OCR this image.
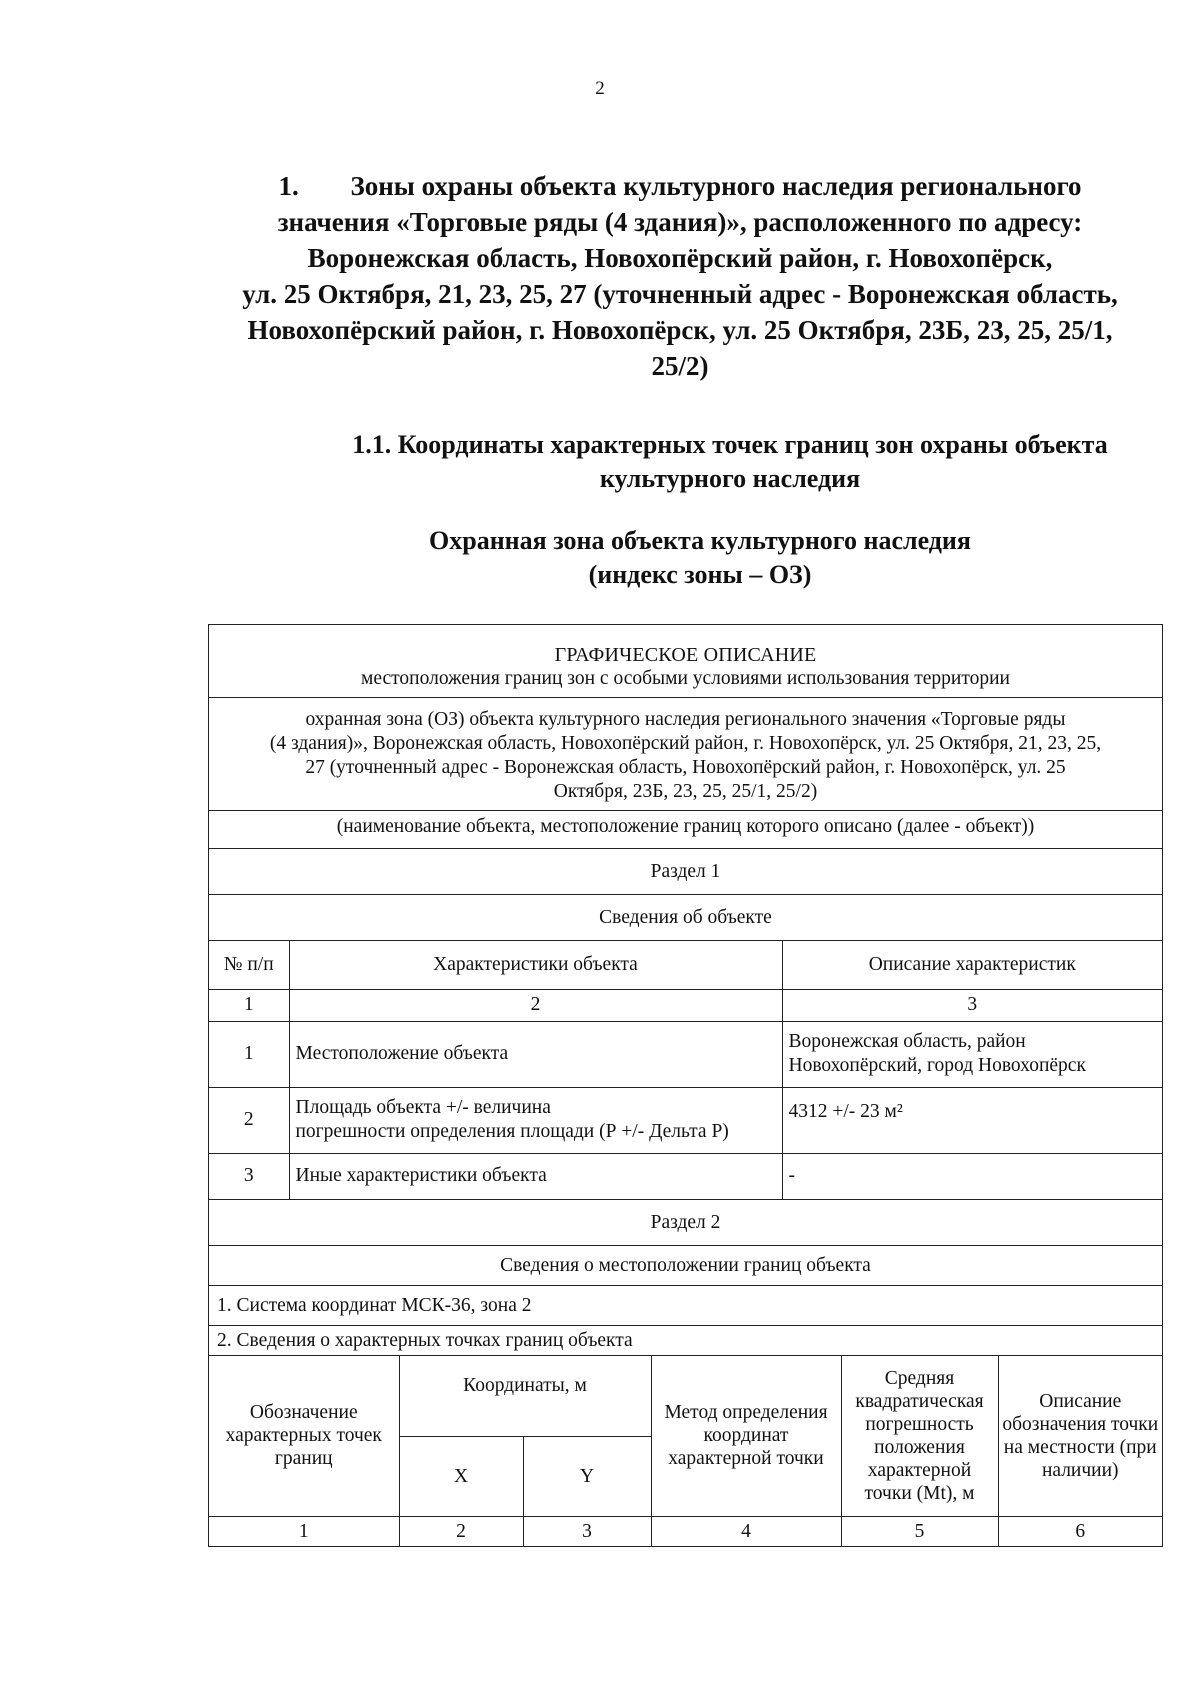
2
1. Зоны охраны объекта культурного наследия регионального
значения «Торговые ряды (4 здания)», расположенного по адресу:
Воронежская область, Новохопёрский район, г. Новохопёрск,
ул. 25 Октября, 21, 23, 25, 27 (уточненный адрес - Воронежская область,
Новохопёрский район, г. Новохопёрск, ул. 25 Октября, 23Б, 23, 25, 25/1,
25/2)
1.1. Координаты характерных точек границ зон охраны объекта
культурного наследия
Охранная зона объекта культурного наследия
(индекс зоны – ОЗ)
ГРАФИЧЕСКОЕ ОПИСАНИЕ
местоположения границ зон с особыми условиями использования территории
охранная зона (ОЗ) объекта культурного наследия регионального значения «Торговые ряды
(4 здания)», Воронежская область, Новохопёрский район, г. Новохопёрск, ул. 25 Октября, 21, 23, 25,
27 (уточненный адрес - Воронежская область, Новохопёрский район, г. Новохопёрск, ул. 25
Октября, 23Б, 23, 25, 25/1, 25/2)
(наименование объекта, местоположение границ которого описано (далее - объект))
Раздел 1
Сведения об объекте
№ п/п	Характеристики объекта	Описание характеристик
1	2	3
1	Местоположение объекта	Воронежская область, район
Новохопёрский, город Новохопёрск

2	Площадь объекта +/- величина
погрешности определения площади (Р +/- Дельта Р)	4312 +/- 23 м²

3	Иные характеристики объекта	-
Раздел 2
Сведения о местоположении границ объекта
1. Система координат МСК-36, зона 2
2. Сведения о характерных точках границ объекта
Обозначение характерных точек границ	Координаты, м		Метод определения координат характерной точки	Средняя квадратическая погрешность положения характерной точки (Mt), м	Описание обозначения точки на местности (при наличии)
	X	Y			
1	2	3	4	5	6
